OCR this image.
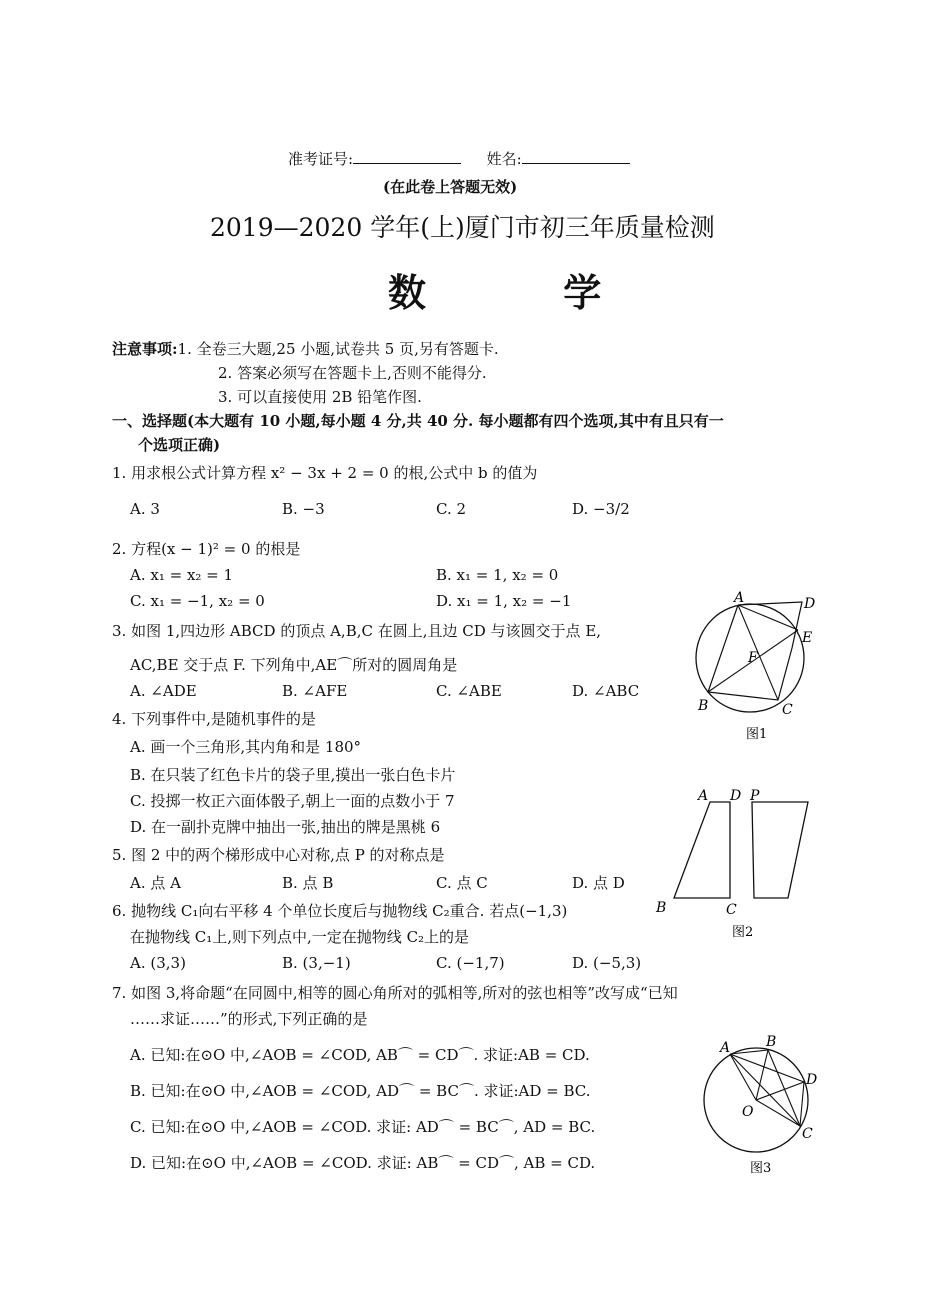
准考证号:	姓名:
(在此卷上答题无效)
2019—2020 学年(上)厦门市初三年质量检测
数 学
注意事项:1. 全卷三大题,25 小题,试卷共 5 页,另有答题卡.
2. 答案必须写在答题卡上,否则不能得分.
3. 可以直接使用 2B 铅笔作图.
一、选择题(本大题有 10 小题,每小题 4 分,共 40 分. 每小题都有四个选项,其中有且只有一
个选项正确)
1. 用求根公式计算方程 x² − 3x + 2 = 0 的根,公式中 b 的值为
A. 3	B. −3	C. 2	D. −3/2
2. 方程(x − 1)² = 0 的根是
A. x₁ = x₂ = 1	B. x₁ = 1, x₂ = 0
C. x₁ = −1, x₂ = 0	D. x₁ = 1, x₂ = −1
3. 如图 1,四边形 ABCD 的顶点 A,B,C 在圆上,且边 CD 与该圆交于点 E,
AC,BE 交于点 F. 下列角中,AE⌒所对的圆周角是
A. ∠ADE	B. ∠AFE	C. ∠ABE	D. ∠ABC
4. 下列事件中,是随机事件的是
A. 画一个三角形,其内角和是 180°
B. 在只装了红色卡片的袋子里,摸出一张白色卡片
C. 投掷一枚正六面体骰子,朝上一面的点数小于 7
D. 在一副扑克牌中抽出一张,抽出的牌是黑桃 6
5. 图 2 中的两个梯形成中心对称,点 P 的对称点是
A. 点 A	B. 点 B	C. 点 C	D. 点 D
6. 抛物线 C₁向右平移 4 个单位长度后与抛物线 C₂重合. 若点(−1,3)
在抛物线 C₁上,则下列点中,一定在抛物线 C₂上的是
A. (3,3)	B. (3,−1)	C. (−1,7)	D. (−5,3)
7. 如图 3,将命题“在同圆中,相等的圆心角所对的弧相等,所对的弦也相等”改写成“已知
……求证……”的形式,下列正确的是
A. 已知:在⊙O 中,∠AOB = ∠COD, AB⌒ = CD⌒. 求证:AB = CD.
B. 已知:在⊙O 中,∠AOB = ∠COD, AD⌒ = BC⌒. 求证:AD = BC.
C. 已知:在⊙O 中,∠AOB = ∠COD. 求证: AD⌒ = BC⌒, AD = BC.
D. 已知:在⊙O 中,∠AOB = ∠COD. 求证: AB⌒ = CD⌒, AB = CD.
A
B	C
D
E
F
图1
A D P
B	C
图2
A	B
D
O
C
图3
